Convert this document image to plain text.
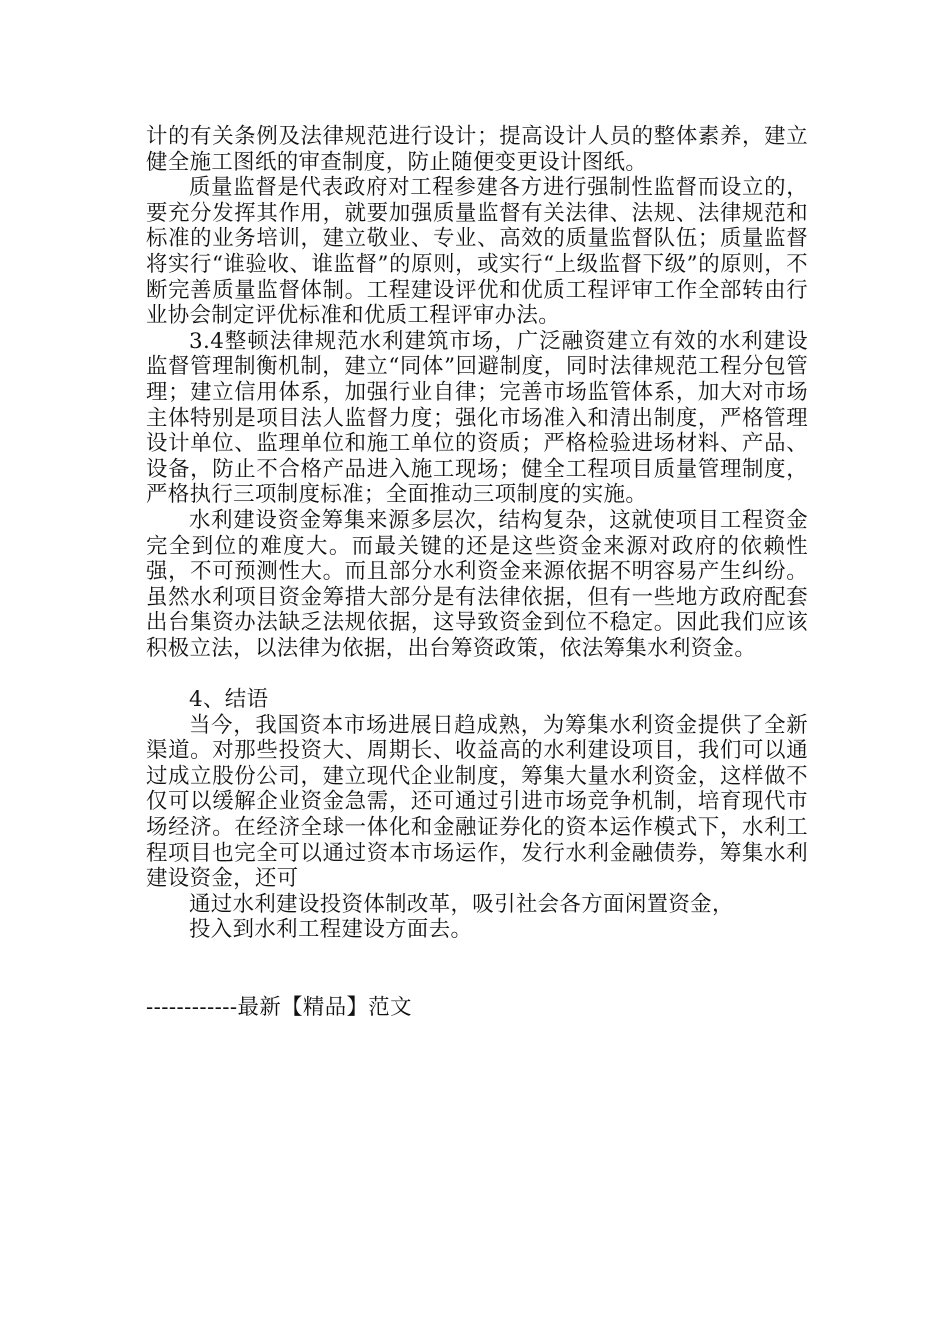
计的有关条例及法律规范进行设计；提高设计人员的整体素养，建立健全施工图纸的审查制度，防止随便变更设计图纸。

质量监督是代表政府对工程参建各方进行强制性监督而设立的，要充分发挥其作用，就要加强质量监督有关法律、法规、法律规范和标准的业务培训，建立敬业、专业、高效的质量监督队伍；质量监督将实行“谁验收、谁监督”的原则，或实行“上级监督下级”的原则，不断完善质量监督体制。工程建设评优和优质工程评审工作全部转由行业协会制定评优标准和优质工程评审办法。

3.4整顿法律规范水利建筑市场，广泛融资建立有效的水利建设监督管理制衡机制，建立“同体”回避制度，同时法律规范工程分包管理；建立信用体系，加强行业自律；完善市场监管体系，加大对市场主体特别是项目法人监督力度；强化市场准入和清出制度，严格管理设计单位、监理单位和施工单位的资质；严格检验进场材料、产品、设备，防止不合格产品进入施工现场；健全工程项目质量管理制度，严格执行三项制度标准；全面推动三项制度的实施。

水利建设资金筹集来源多层次，结构复杂，这就使项目工程资金完全到位的难度大。而最关键的还是这些资金来源对政府的依赖性强，不可预测性大。而且部分水利资金来源依据不明容易产生纠纷。虽然水利项目资金筹措大部分是有法律依据，但有一些地方政府配套出台集资办法缺乏法规依据，这导致资金到位不稳定。因此我们应该积极立法，以法律为依据，出台筹资政策，依法筹集水利资金。

4、结语

当今，我国资本市场进展日趋成熟，为筹集水利资金提供了全新渠道。对那些投资大、周期长、收益高的水利建设项目，我们可以通过成立股份公司，建立现代企业制度，筹集大量水利资金，这样做不仅可以缓解企业资金急需，还可通过引进市场竞争机制，培育现代市场经济。在经济全球一体化和金融证券化的资本运作模式下，水利工程项目也完全可以通过资本市场运作，发行水利金融债券，筹集水利建设资金，还可

通过水利建设投资体制改革，吸引社会各方面闲置资金，

投入到水利工程建设方面去。

------------最新【精品】范文
